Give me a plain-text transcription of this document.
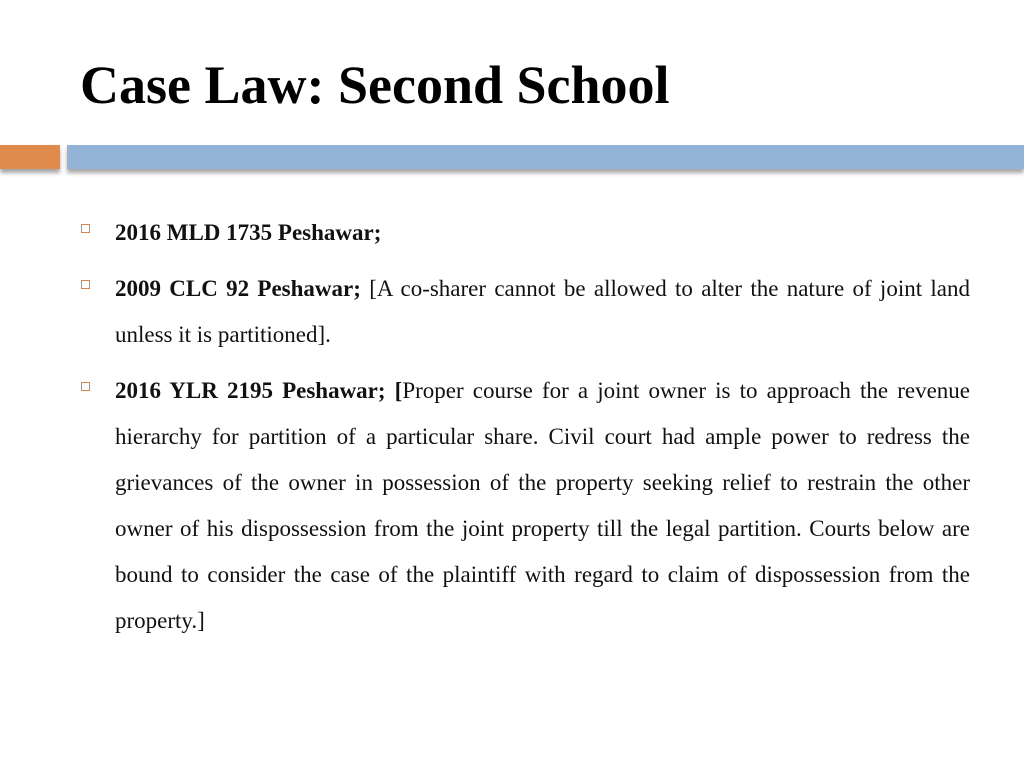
Case Law: Second School
2016 MLD 1735 Peshawar;
2009 CLC 92 Peshawar; [A co-sharer cannot be allowed to alter the nature of joint land unless it is partitioned].
2016 YLR 2195 Peshawar; [Proper course for a joint owner is to approach the revenue hierarchy for partition of a particular share. Civil court had ample power to redress the grievances of the owner in possession of the property seeking relief to restrain the other owner of his dispossession from the joint property till the legal partition. Courts below are bound to consider the case of the plaintiff with regard to claim of dispossession from the property.]
